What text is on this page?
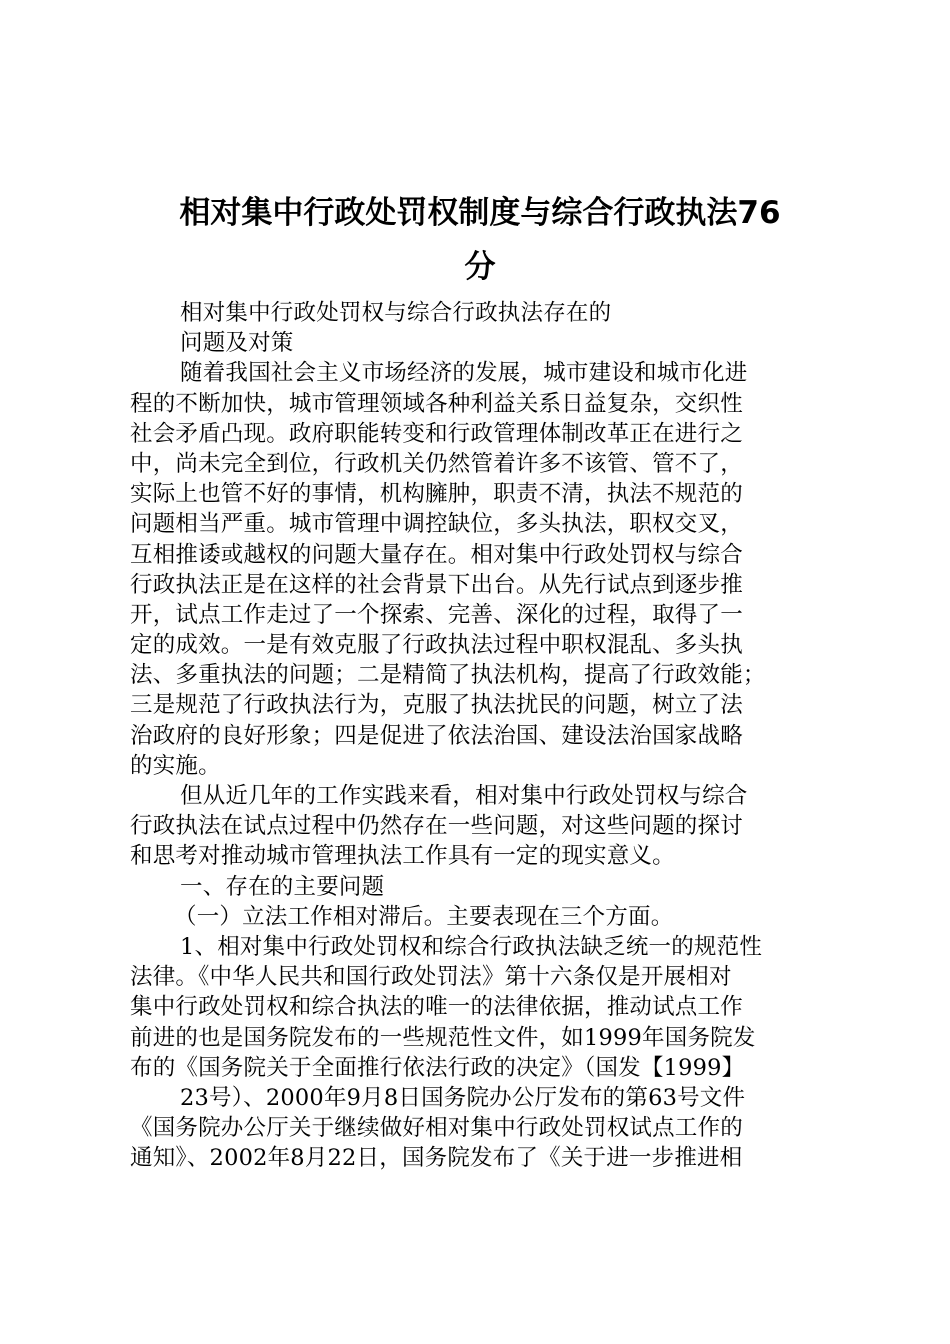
相对集中行政处罚权制度与综合行政执法76
分
相对集中行政处罚权与综合行政执法存在的
问题及对策
随着我国社会主义市场经济的发展，城市建设和城市化进
程的不断加快，城市管理领域各种利益关系日益复杂，交织性
社会矛盾凸现。政府职能转变和行政管理体制改革正在进行之
中，尚未完全到位，行政机关仍然管着许多不该管、管不了，
实际上也管不好的事情，机构臃肿，职责不清，执法不规范的
问题相当严重。城市管理中调控缺位，多头执法，职权交叉，
互相推诿或越权的问题大量存在。相对集中行政处罚权与综合
行政执法正是在这样的社会背景下出台。从先行试点到逐步推
开，试点工作走过了一个探索、完善、深化的过程，取得了一
定的成效。一是有效克服了行政执法过程中职权混乱、多头执
法、多重执法的问题；二是精简了执法机构，提高了行政效能；
三是规范了行政执法行为，克服了执法扰民的问题，树立了法
治政府的良好形象；四是促进了依法治国、建设法治国家战略
的实施。
但从近几年的工作实践来看，相对集中行政处罚权与综合
行政执法在试点过程中仍然存在一些问题，对这些问题的探讨
和思考对推动城市管理执法工作具有一定的现实意义。
一、存在的主要问题
（一）立法工作相对滞后。主要表现在三个方面。
1、相对集中行政处罚权和综合行政执法缺乏统一的规范性
法律。《中华人民共和国行政处罚法》第十六条仅是开展相对
集中行政处罚权和综合执法的唯一的法律依据，推动试点工作
前进的也是国务院发布的一些规范性文件，如1999年国务院发
布的《国务院关于全面推行依法行政的决定》（国发【1999】
23号）、2000年9月8日国务院办公厅发布的第63号文件
《国务院办公厅关于继续做好相对集中行政处罚权试点工作的
通知》、2002年8月22日，国务院发布了《关于进一步推进相
